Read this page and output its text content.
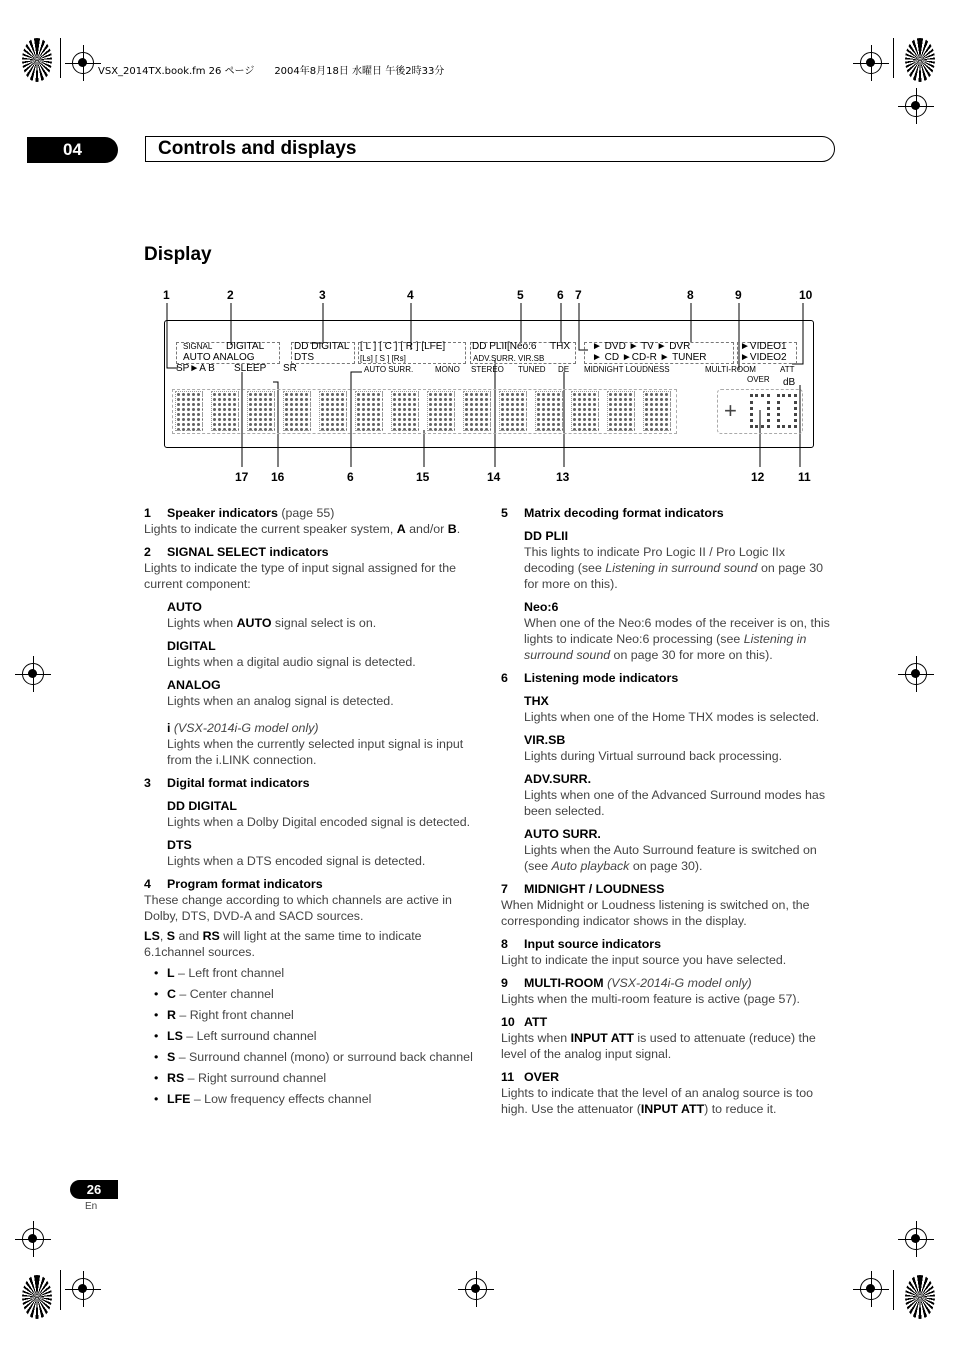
VSX_2014TX.book.fm 26 ページ　　2004年8月18日 水曜日 午後2時33分
04	Controls and displays
Display
1	2	3	4	5	6 7	8	9	10
SIGNAL DIGITAL
AUTO ANALOG
SP►A B SLEEP
DD DIGITAL
DTS
SR
[ L ] [ C ] [ R ] [LFE]
[Ls] [ S ] [Rs]
DD PLII [Neo:6 THX
ADV.SURR. VIR.SB
AUTO SURR.	MONO STEREO TUNED DE
► DVD ► TV ► DVR
► CD ►CD-R ► TUNER
►VIDEO1
►VIDEO2
MIDNIGHT LOUDNESS	MULTI-ROOM	ATT
OVER dB
+
17 16	6	15	14	13	12	11

1 Speaker indicators (page 55)

Lights to indicate the current speaker system, A and/or B.

2 SIGNAL SELECT indicators

Lights to indicate the type of input signal assigned for the current component:

AUTO

Lights when AUTO signal select is on.

DIGITAL

Lights when a digital audio signal is detected.

ANALOG

Lights when an analog signal is detected.

i (VSX-2014i-G model only)

Lights when the currently selected input signal is input from the i.LINK connection.

3 Digital format indicators

DD DIGITAL

Lights when a Dolby Digital encoded signal is detected.

DTS

Lights when a DTS encoded signal is detected.

4 Program format indicators

These change according to which channels are active in Dolby, DTS, DVD-A and SACD sources.

LS, S and RS will light at the same time to indicate 6.1channel sources.

• L – Left front channel

• C – Center channel

• R – Right front channel

• LS – Left surround channel

• S – Surround channel (mono) or surround back channel

• RS – Right surround channel

• LFE – Low frequency effects channel

5 Matrix decoding format indicators

DD PLII

This lights to indicate Pro Logic II / Pro Logic IIx decoding (see Listening in surround sound on page 30 for more on this).

Neo:6

When one of the Neo:6 modes of the receiver is on, this lights to indicate Neo:6 processing (see Listening in surround sound on page 30 for more on this).

6 Listening mode indicators

THX

Lights when one of the Home THX modes is selected.

VIR.SB

Lights during Virtual surround back processing.

ADV.SURR.

Lights when one of the Advanced Surround modes has been selected.

AUTO SURR.

Lights when the Auto Surround feature is switched on (see Auto playback on page 30).

7 MIDNIGHT / LOUDNESS

When Midnight or Loudness listening is switched on, the corresponding indicator shows in the display.

8 Input source indicators

Light to indicate the input source you have selected.

9 MULTI-ROOM (VSX-2014i-G model only)

Lights when the multi-room feature is active (page 57).

10 ATT

Lights when INPUT ATT is used to attenuate (reduce) the level of the analog input signal.

11 OVER

Lights to indicate that the level of an analog source is too high. Use the attenuator (INPUT ATT) to reduce it.

26
En
